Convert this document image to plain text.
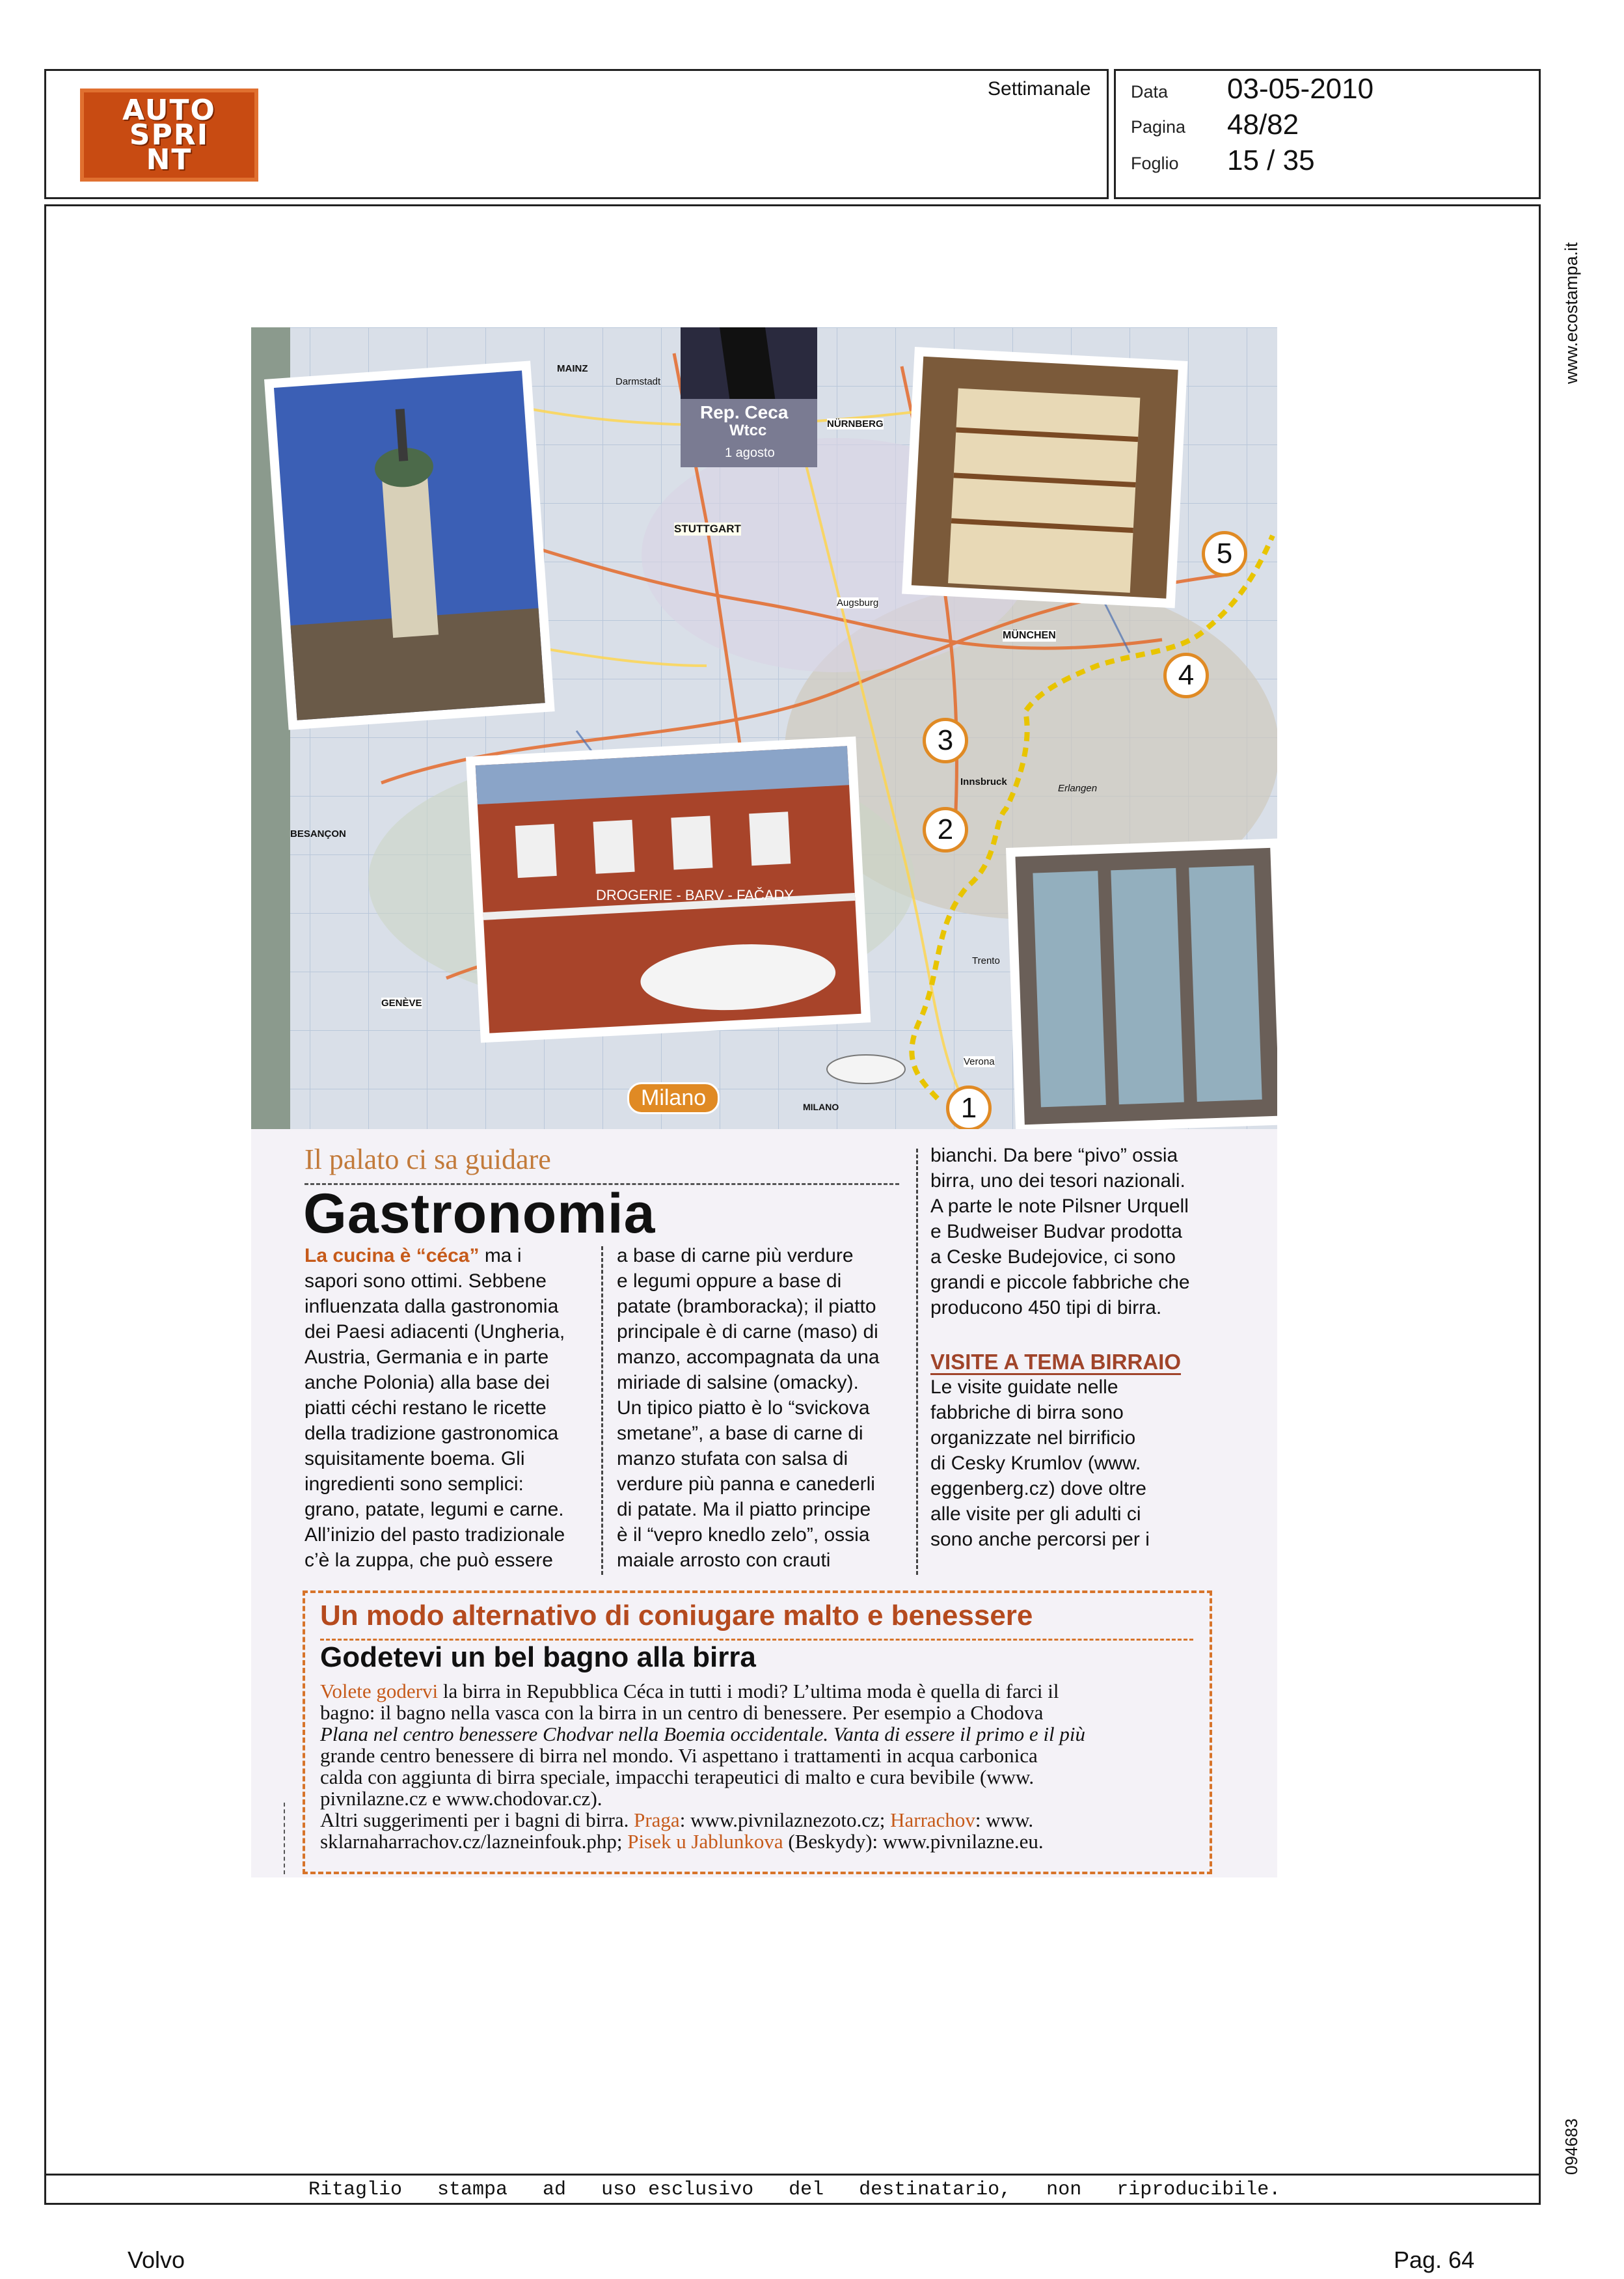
AUTO
SPRI
NT
Settimanale Data 03-05-2010
Pagina 48/82
Foglio 15 / 35
www.ecostampa.it
094683
DROGERIE - BARV - FAČADY
Rep. Ceca
Wtcc
1 agosto
MAINZ
Darmstadt
STUTTGART
Augsburg
MÜNCHEN
NÜRNBERG
Innsbruck
Erlangen
Trento
Verona
BESANÇON
GENÈVE
MILANO
Milano	1
2
3
4
5
Il palato ci sa guidare
Gastronomia
La cucina è “céca” ma i
sapori sono ottimi. Sebbene
influenzata dalla gastronomia
dei Paesi adiacenti (Ungheria,
Austria, Germania e in parte
anche Polonia) alla base dei
piatti céchi restano le ricette
della tradizione gastronomica
squisitamente boema. Gli
ingredienti sono semplici:
grano, patate, legumi e carne.
All’inizio del pasto tradizionale
c’è la zuppa, che può essere
a base di carne più verdure
e legumi oppure a base di
patate (bramboracka); il piatto
principale è di carne (maso) di
manzo, accompagnata da una
miriade di salsine (omacky).
Un tipico piatto è lo “svickova
smetane”, a base di carne di
manzo stufata con salsa di
verdure più panna e canederli
di patate. Ma il piatto principe
è il “vepro knedlo zelo”, ossia
maiale arrosto con crauti
bianchi. Da bere “pivo” ossia
birra, uno dei tesori nazionali.
A parte le note Pilsner Urquell
e Budweiser Budvar prodotta
a Ceske Budejovice, ci sono
grandi e piccole fabbriche che
producono 450 tipi di birra.
VISITE A TEMA BIRRAIO
Le visite guidate nelle
fabbriche di birra sono
organizzate nel birrificio
di Cesky Krumlov (www.
eggenberg.cz) dove oltre
alle visite per gli adulti ci
sono anche percorsi per i
Un modo alternativo di coniugare malto e benessere
Godetevi un bel bagno alla birra
Volete godervi la birra in Repubblica Céca in tutti i modi? L’ultima moda è quella di farci il
bagno: il bagno nella vasca con la birra in un centro di benessere. Per esempio a Chodova
Plana nel centro benessere Chodvar nella Boemia occidentale. Vanta di essere il primo e il più
grande centro benessere di birra nel mondo. Vi aspettano i trattamenti in acqua carbonica
calda con aggiunta di birra speciale, impacchi terapeutici di malto e cura bevibile (www.
pivnilazne.cz e www.chodovar.cz).
Altri suggerimenti per i bagni di birra. Praga: www.pivnilaznezoto.cz; Harrachov: www.
sklarnaharrachov.cz/lazneinfouk.php; Pisek u Jablunkova (Beskydy): www.pivnilazne.eu.
Ritaglio   stampa   ad   uso esclusivo   del   destinatario,   non   riproducibile.
Volvo	Pag. 64
